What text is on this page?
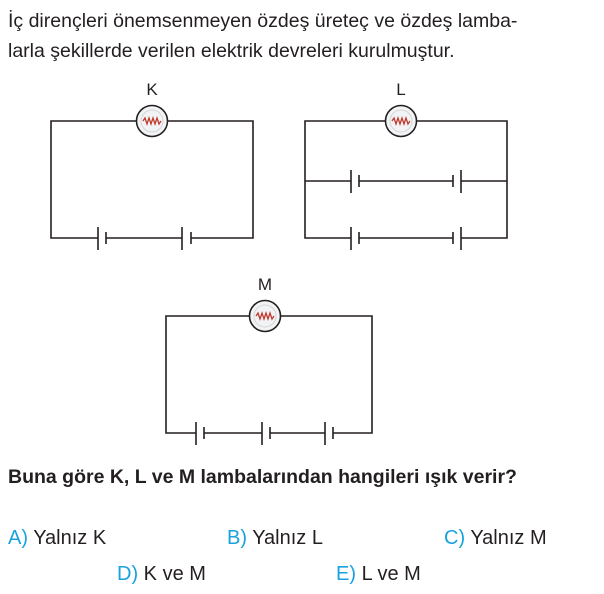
İç dirençleri önemsenmeyen özdeş üreteç ve özdeş lamba-
larla şekillerde verilen elektrik devreleri kurulmuştur.

K	L
M

Buna göre K, L ve M lambalarından hangileri ışık verir?

A) Yalnız K	B) Yalnız L	C) Yalnız M
D) K ve M	E) L ve M
